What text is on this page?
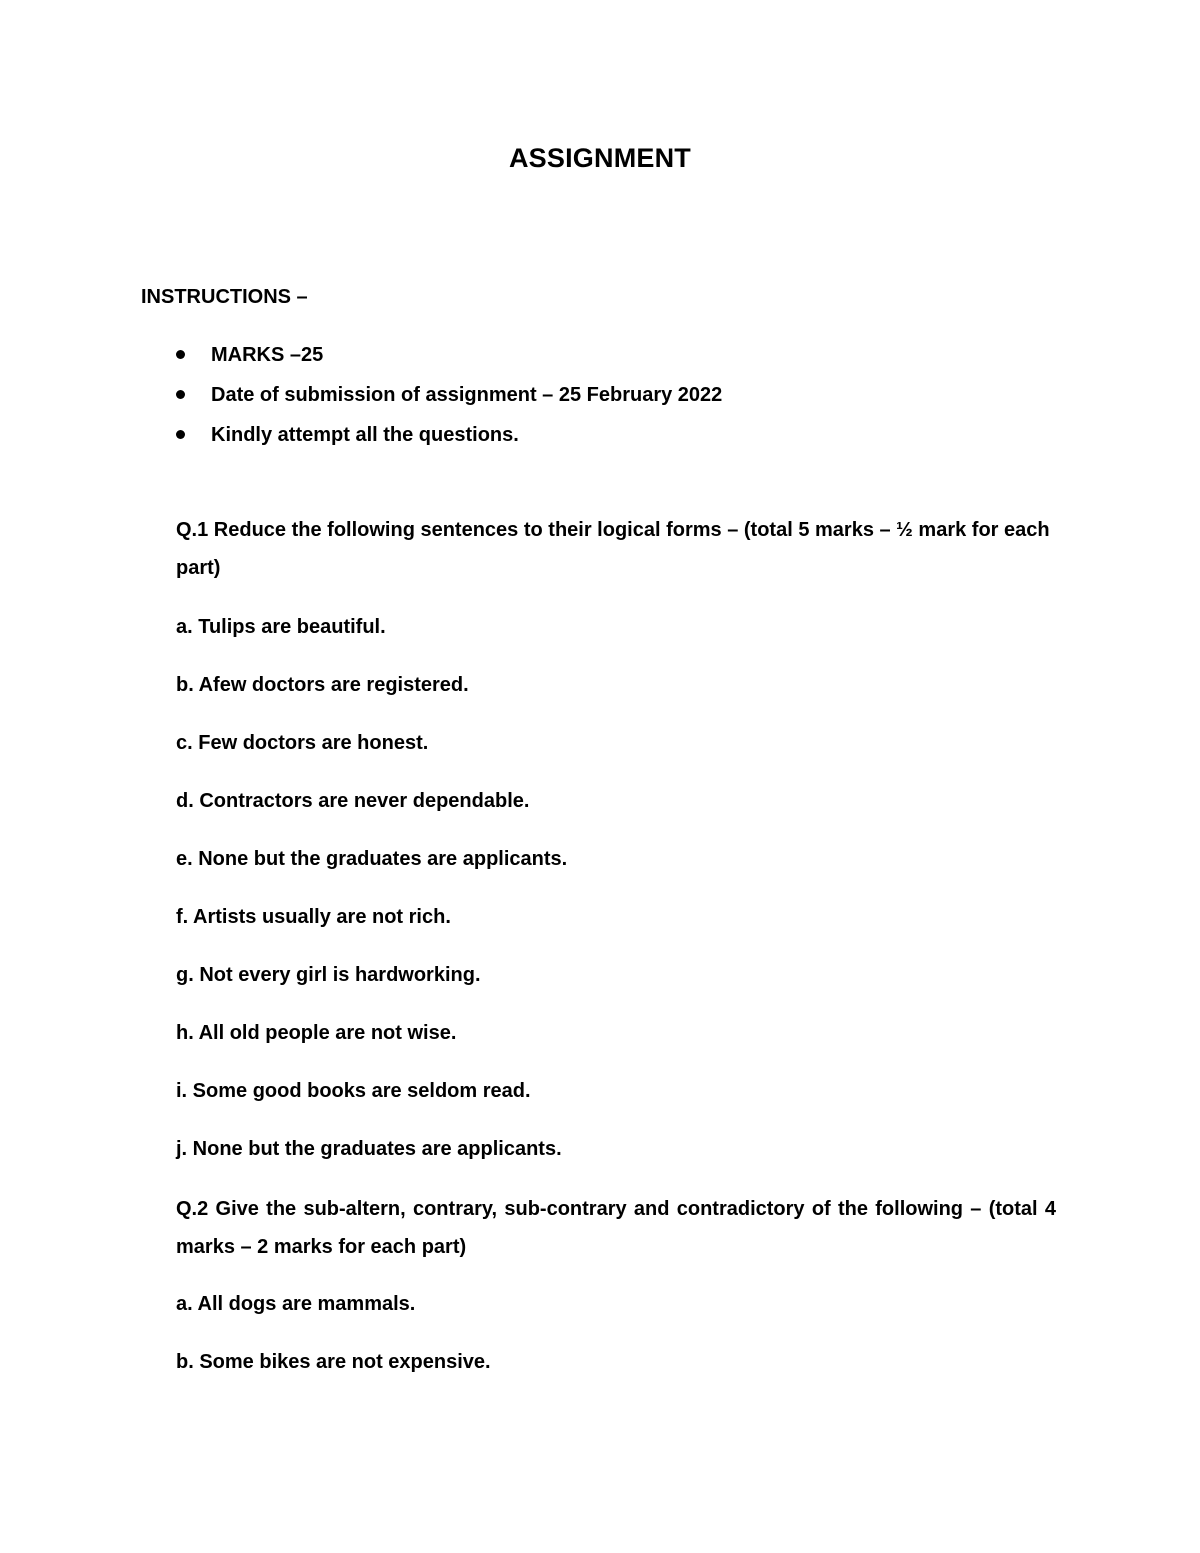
ASSIGNMENT
INSTRUCTIONS –
MARKS –25
Date of submission of assignment – 25 February 2022
Kindly attempt all the questions.
Q.1 Reduce the following sentences to their logical forms – (total 5 marks – ½ mark for each part)
a. Tulips are beautiful.
b. Afew doctors are registered.
c. Few doctors are honest.
d. Contractors are never dependable.
e. None but the graduates are applicants.
f. Artists usually are not rich.
g. Not every girl is hardworking.
h. All old people are not wise.
i. Some good books are seldom read.
j. None but the graduates are applicants.
Q.2 Give the sub-altern, contrary, sub-contrary and contradictory of the following – (total 4 marks – 2 marks for each part)
a. All dogs are mammals.
b. Some bikes are not expensive.
